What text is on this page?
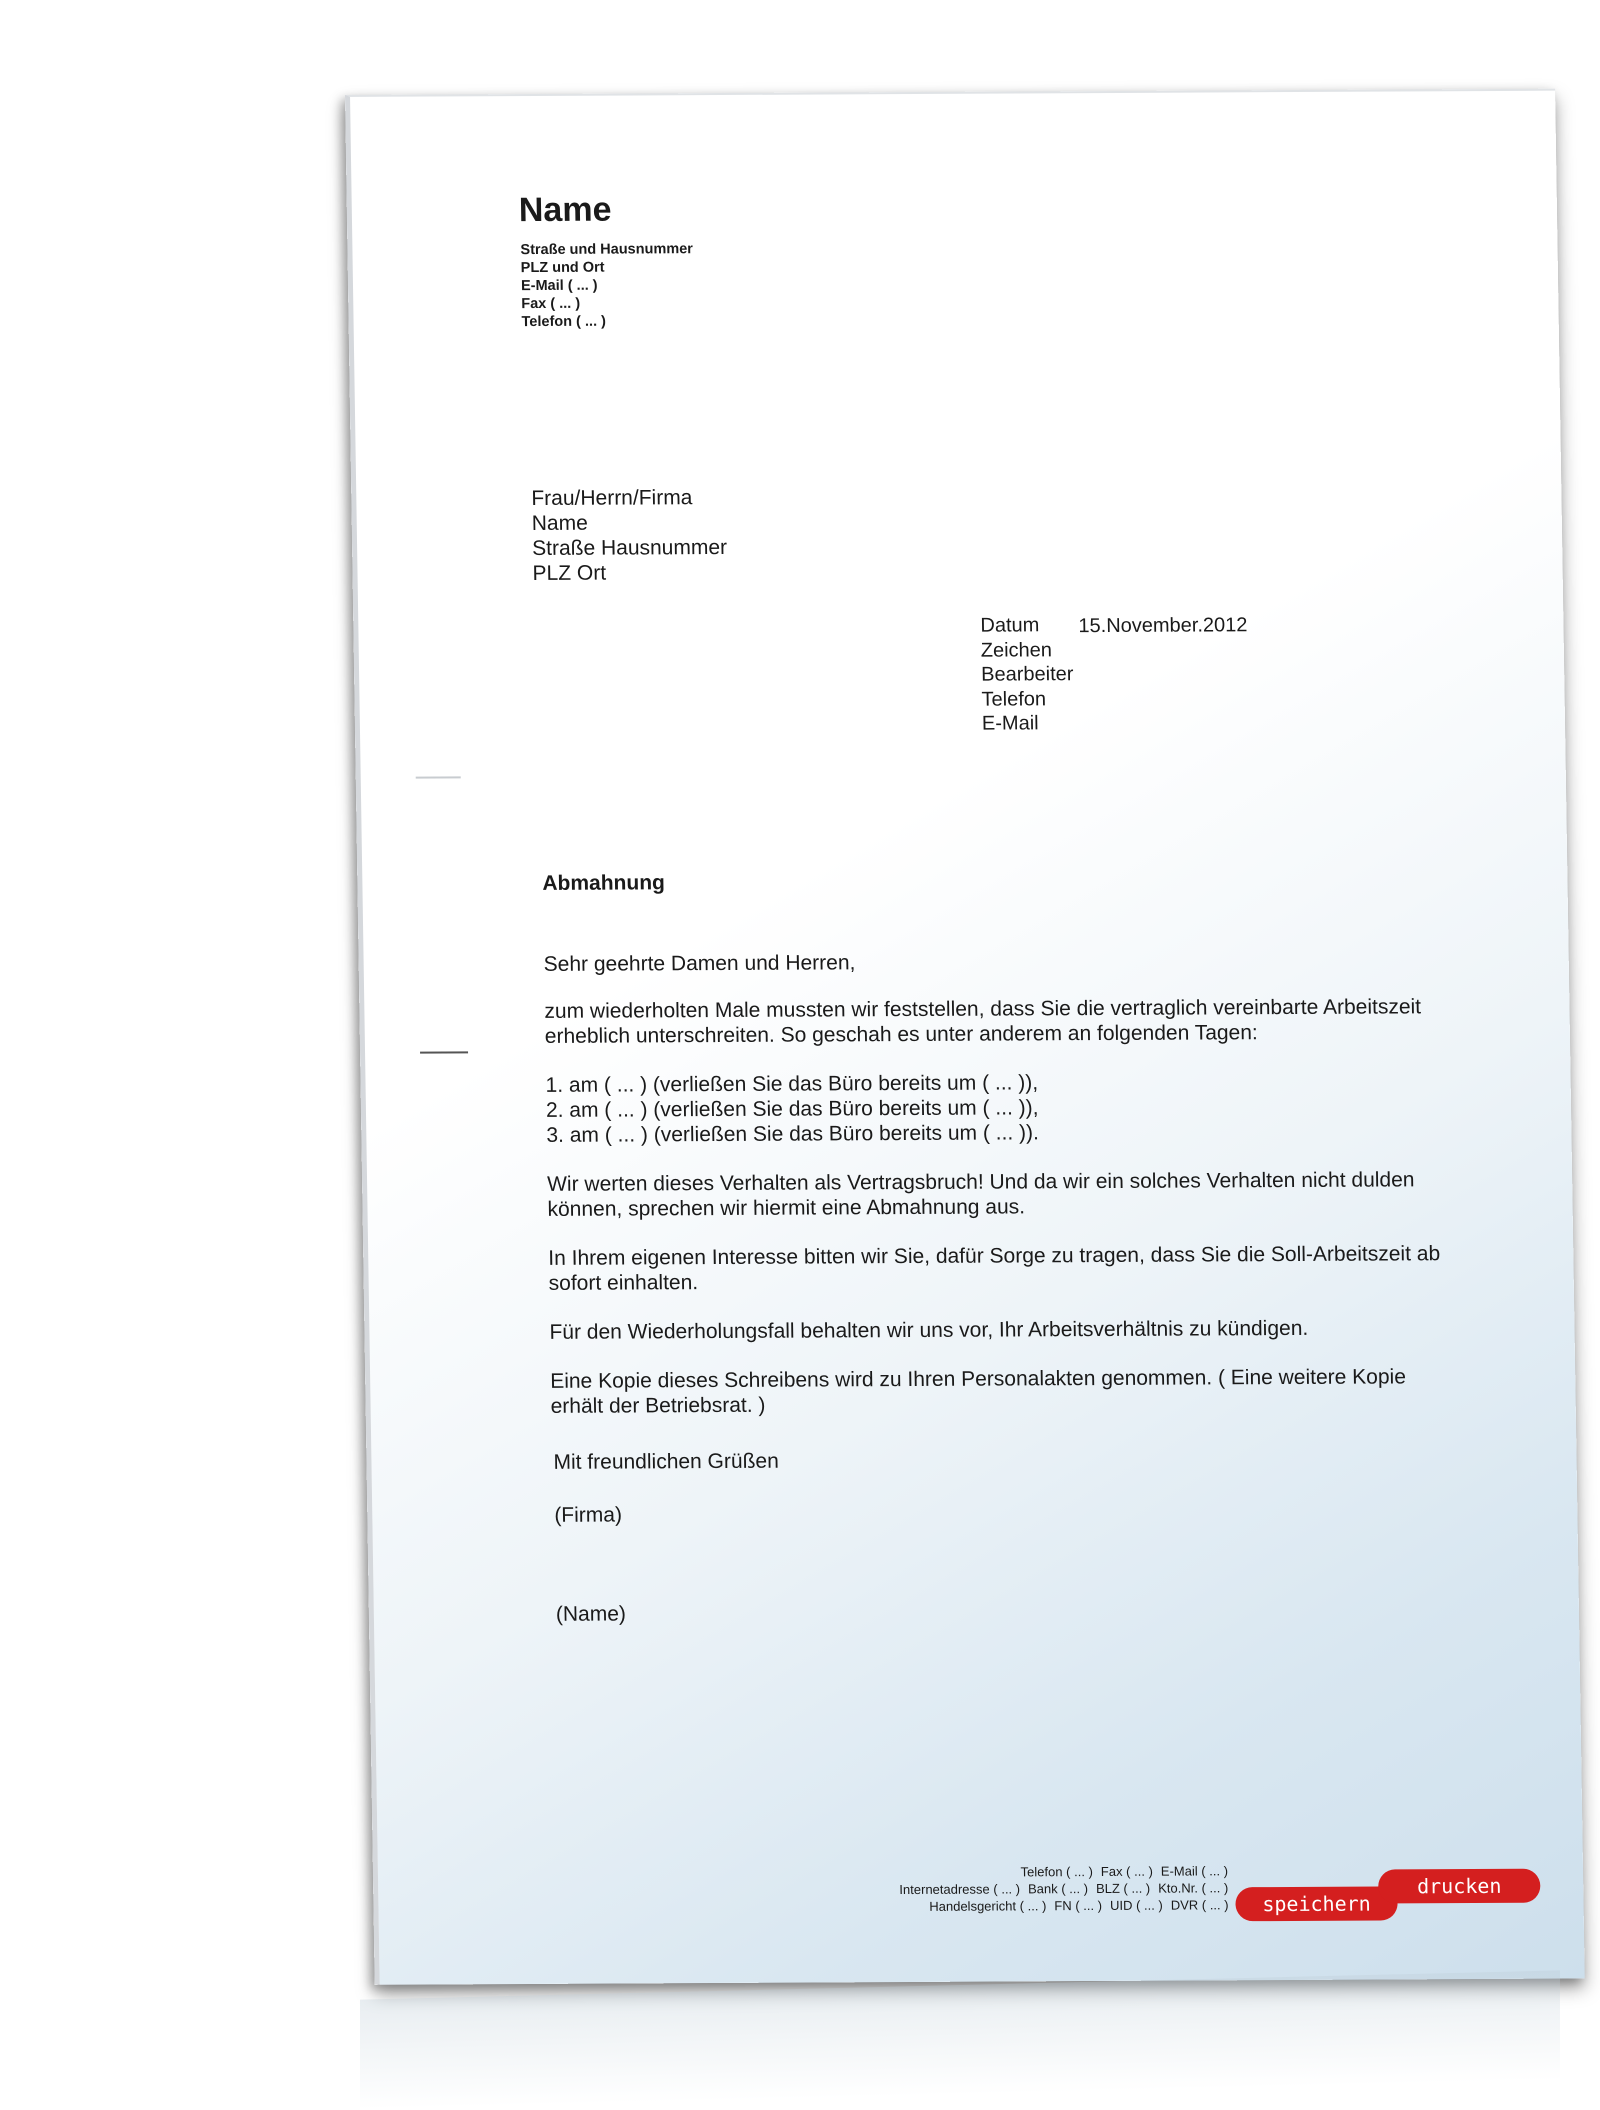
Name
Straße und Hausnummer
PLZ und Ort
E-Mail ( ... )
Fax ( ... )
Telefon ( ... )
Frau/Herrn/Firma
Name
Straße Hausnummer
PLZ Ort
Datum
Zeichen
Bearbeiter
Telefon
E-Mail
15.November.2012
Abmahnung

Sehr geehrte Damen und Herren,

zum wiederholten Male mussten wir feststellen, dass Sie die vertraglich vereinbarte Arbeitszeit erheblich unterschreiten. So geschah es unter anderem an folgenden Tagen:

1. am ( ... ) (verließen Sie das Büro bereits um ( ... )),

2. am ( ... ) (verließen Sie das Büro bereits um ( ... )),

3. am ( ... ) (verließen Sie das Büro bereits um ( ... )).

Wir werten dieses Verhalten als Vertragsbruch! Und da wir ein solches Verhalten nicht dulden können, sprechen wir hiermit eine Abmahnung aus.

In Ihrem eigenen Interesse bitten wir Sie, dafür Sorge zu tragen, dass Sie die Soll-Arbeitszeit ab sofort einhalten.

Für den Wiederholungsfall behalten wir uns vor, Ihr Arbeitsverhältnis zu kündigen.

Eine Kopie dieses Schreibens wird zu Ihren Personalakten genommen. ( Eine weitere Kopie erhält der Betriebsrat. )

Mit freundlichen Grüßen
(Firma)
(Name)
Telefon ( ... ) Fax ( ... ) E-Mail ( ... )
Internetadresse ( ... ) Bank ( ... ) BLZ ( ... ) Kto.Nr. ( ... )
Handelsgericht ( ... ) FN ( ... ) UID ( ... ) DVR ( ... )	speichern
drucken
